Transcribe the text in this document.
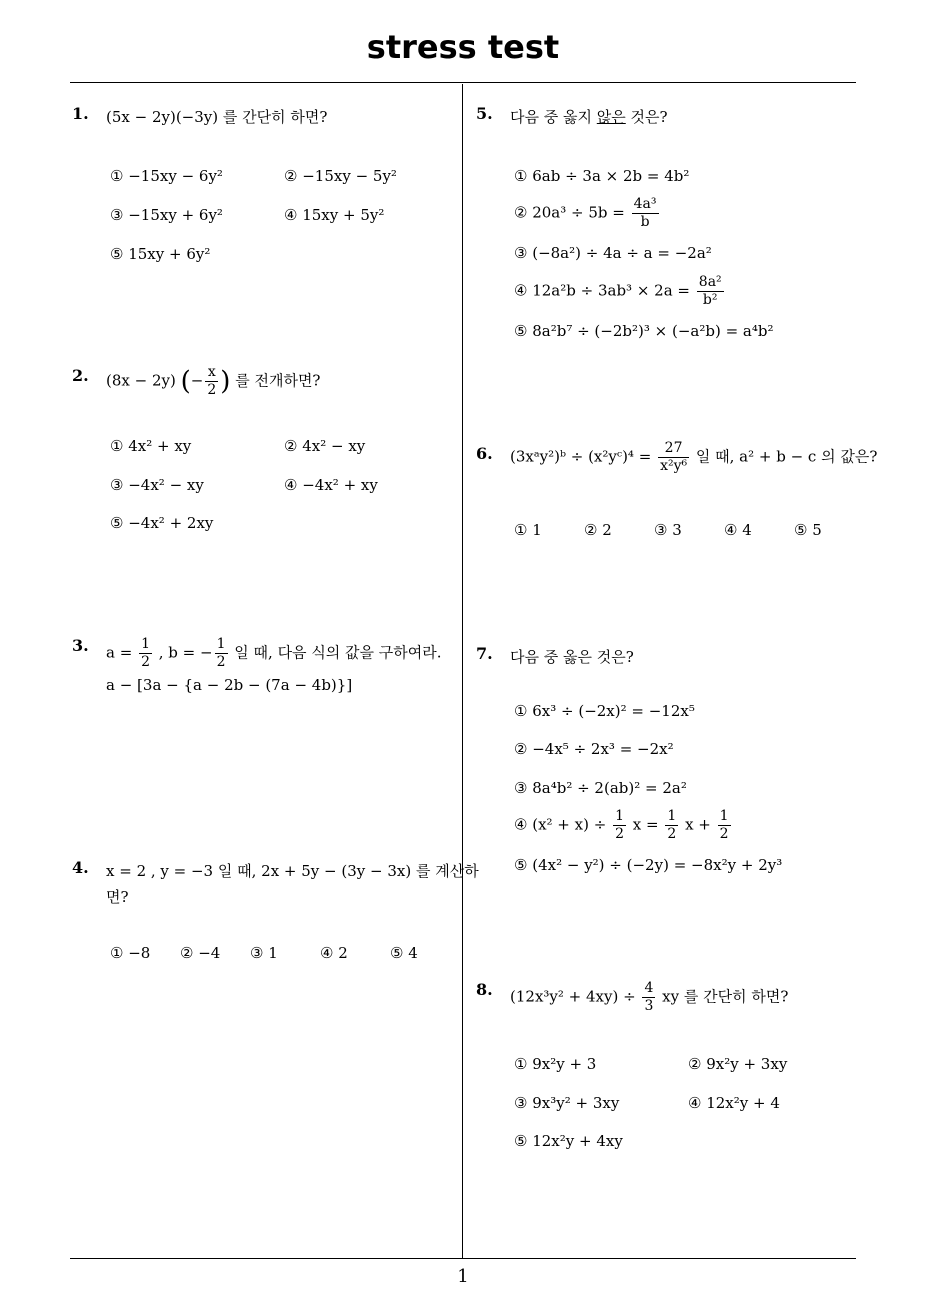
stress test
1
1. (5x − 2y)(−3y) 를 간단히 하면?
① −15xy − 6y²	② −15xy − 5y²
③ −15xy + 6y²	④ 15xy + 5y²
⑤ 15xy + 6y²
2. (8x − 2y) (− $\frac{x}{2}$ ) 를 전개하면?
① 4x² + xy	② 4x² − xy
③ −4x² − xy	④ −4x² + xy
⑤ −4x² + 2xy
3. $a = \frac{1}{2}$ , b = − $\frac{1}{2}$ 일 때, 다음 식의 값을 구하여라.
a − [3a − {a − 2b − (7a − 4b)}]
4. x = 2 , y = −3 일 때, 2x + 5y − (3y − 3x) 를 계산하
면?
① −8 ② −4 ③ 1	④ 2	⑤ 4
5. 다음 중 옳지 않은 것은?
① 6ab ÷ 3a × 2b = 4b²
② $20a^3 \div 5b = \frac{\text{4a³}}{b}$
③ (−8a²) ÷ 4a ÷ a = −2a²
④ $12a^2b \div 3ab^3 \times 2a = \frac{\text{8a²}}{\text{b²}}$
⑤ 8a²b⁷ ÷ (−2b²)³ × (−a²b) = a⁴b²
6. (3xᵃy²)ᵇ ÷ (x²yᶜ)⁴ = $\frac{27}{\text{x²y⁶}}$ 일 때, a² + b − c 의 값은?
① 1	② 2	③ 3	④ 4	⑤ 5
7. 다음 중 옳은 것은?
① 6x³ ÷ (−2x)² = −12x⁵
② −4x⁵ ÷ 2x³ = −2x²
③ 8a⁴b² ÷ 2(ab)² = 2a²
④ $(x^2 + x) \div \frac{1}{2}$ $x = \frac{1}{2}$ $x + \frac{1}{2}$
⑤ (4x² − y²) ÷ (−2y) = −8x²y + 2y³
8. $(12x^3y^2 + 4xy) \div \frac{4}{3}$ xy 를 간단히 하면?
① 9x²y + 3	② 9x²y + 3xy
③ 9x³y² + 3xy	④ 12x²y + 4
⑤ 12x²y + 4xy
